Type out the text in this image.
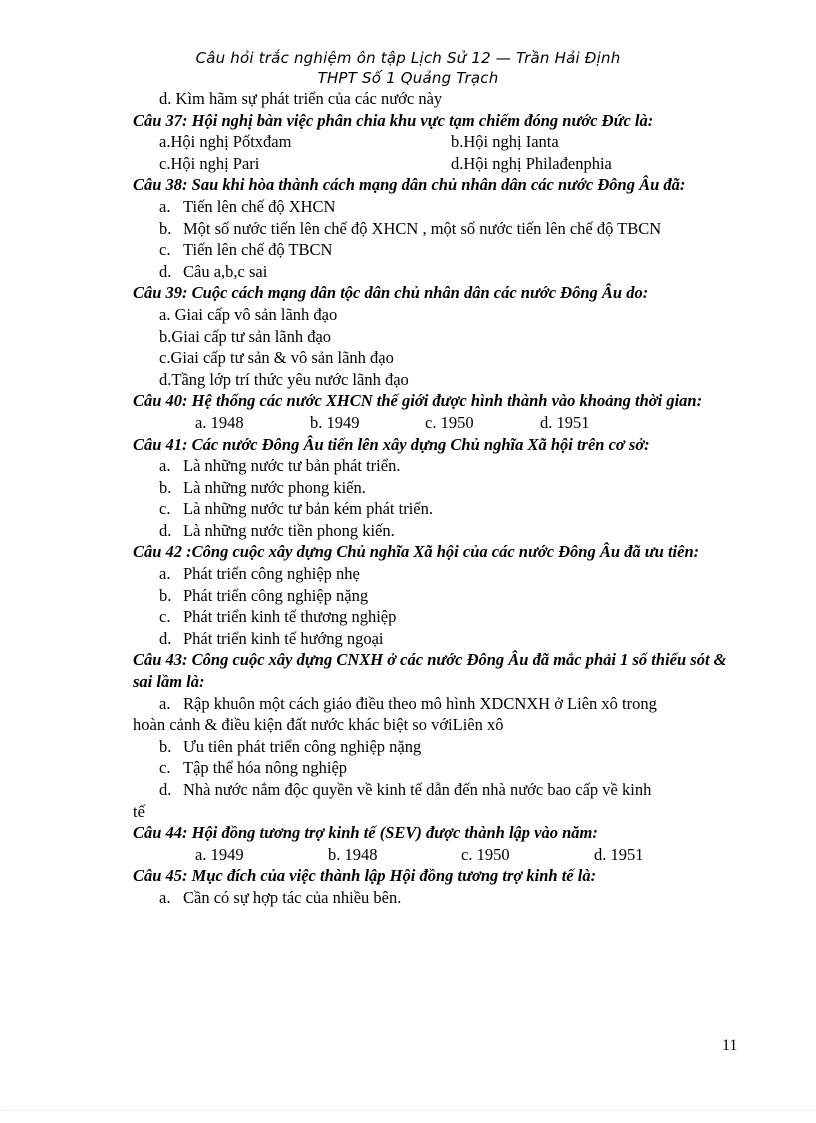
Câu hỏi trắc nghiệm ôn tập Lịch Sử 12 — Trần Hải Định
THPT Số 1 Quảng Trạch
d. Kìm hãm sự phát triển của các nước này
Câu 37: Hội nghị bàn việc phân chia khu vực tạm chiếm đóng nước Đức là:
a.Hội nghị Pốtxđam	b.Hội nghị Ianta
c.Hội nghị Pari	d.Hội nghị Philađenphia
Câu 38: Sau khi hòa thành cách mạng dân chủ nhân dân các nước Đông Âu đã:
a. Tiến lên chế độ XHCN
b. Một số nước tiến lên chế độ XHCN , một số nước tiến lên chế độ TBCN
c. Tiến lên chế độ TBCN
d. Câu a,b,c sai
Câu 39: Cuộc cách mạng dân tộc dân chủ nhân dân các nước Đông Âu do:
a. Giai cấp vô sản lãnh đạo
b.Giai cấp tư sản lãnh đạo
c.Giai cấp tư sản & vô sản lãnh đạo
d.Tầng lớp trí thức yêu nước lãnh đạo
Câu 40: Hệ thống các nước XHCN thế giới được hình thành vào khoảng thời gian:
a. 1948	b. 1949	c. 1950	d. 1951
Câu 41: Các nước Đông Âu tiến lên xây dựng Chủ nghĩa Xã hội trên cơ sở:
a. Là những nước tư bản phát triển.
b. Là những nước phong kiến.
c. Là những nước tư bản kém phát triển.
d. Là những nước tiền phong kiến.
Câu 42 :Công cuộc xây dựng Chủ nghĩa Xã hội của các nước Đông Âu đã ưu tiên:
a. Phát triển công nghiệp nhẹ
b. Phát triển công nghiệp nặng
c. Phát triển kinh tế thương nghiệp
d. Phát triển kinh tế hướng ngoại
Câu 43: Công cuộc xây dựng CNXH ở các nước Đông Âu đã mắc phải 1 số thiếu sót & sai lầm là:
a. Rập khuôn một cách giáo điều theo mô hình XDCNXH ở Liên xô trong
hoàn cảnh & điều kiện đất nước khác biệt so vớiLiên xô
b. Ưu tiên phát triển công nghiệp nặng
c. Tập thể hóa nông nghiệp
d. Nhà nước nắm độc quyền về kinh tế dẫn đến nhà nước bao cấp về kinh
tế
Câu 44: Hội đồng tương trợ kinh tế (SEV) được thành lập vào năm:
a. 1949	b. 1948	c. 1950	d. 1951
Câu 45: Mục đích của việc thành lập Hội đồng tương trợ kinh tế là:
a. Cần có sự hợp tác của nhiều bên.
11
